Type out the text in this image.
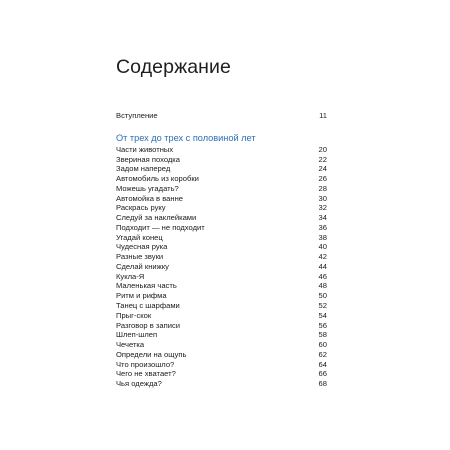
Содержание
Вступление	11
От трех до трех с половиной лет
Части животных	20
Звериная походка	22
Задом наперед	24
Автомобиль из коробки	26
Можешь угадать?	28
Автомойка в ванне	30
Раскрась руку	32
Следуй за наклейками	34
Подходит — не подходит	36
Угадай конец	38
Чудесная рука	40
Разные звуки	42
Сделай книжку	44
Кукла-Я	46
Маленькая часть	48
Ритм и рифма	50
Танец с шарфами	52
Прыг-скок	54
Разговор в записи	56
Шлеп-шлеп	58
Чечетка	60
Определи на ощупь	62
Что произошло?	64
Чего не хватает?	66
Чья одежда?	68
